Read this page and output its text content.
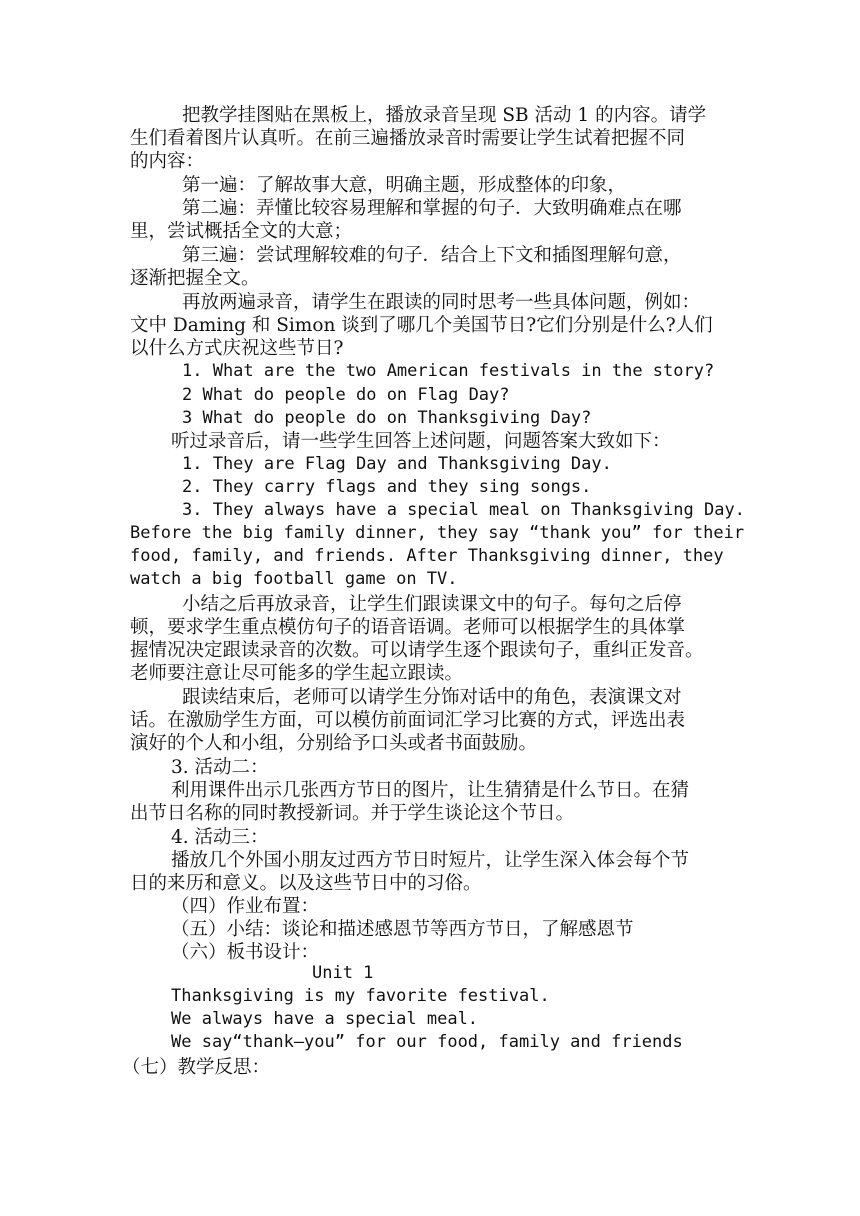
把教学挂图贴在黑板上，播放录音呈现 SB 活动 1 的内容。请学
生们看着图片认真听。在前三遍播放录音时需要让学生试着把握不同
的内容：
第一遍：了解故事大意，明确主题，形成整体的印象，
第二遍：弄懂比较容易理解和掌握的句子．大致明确难点在哪
里，尝试概括全文的大意；
第三遍：尝试理解较难的句子．结合上下文和插图理解句意，
逐渐把握全文。
再放两遍录音，请学生在跟读的同时思考一些具体问题，例如：
文中 Daming 和 Simon 谈到了哪几个美国节日?它们分别是什么?人们
以什么方式庆祝这些节日?
1. What are the two American festivals in the story?
2 What do people do on Flag Day?
3 What do people do on Thanksgiving Day?
听过录音后，请一些学生回答上述问题，问题答案大致如下：
1. They are Flag Day and Thanksgiving Day.
2. They carry flags and they sing songs.
3. They always have a special meal on Thanksgiving Day.
Before the big family dinner, they say “thank you” for their
food, family, and friends. After Thanksgiving dinner, they
watch a big football game on TV.
小结之后再放录音，让学生们跟读课文中的句子。每句之后停
顿，要求学生重点模仿句子的语音语调。老师可以根据学生的具体掌
握情况决定跟读录音的次数。可以请学生逐个跟读句子，重纠正发音。
老师要注意让尽可能多的学生起立跟读。
跟读结束后，老师可以请学生分饰对话中的角色，表演课文对
话。在激励学生方面，可以模仿前面词汇学习比赛的方式，评选出表
演好的个人和小组，分别给予口头或者书面鼓励。
3. 活动二：
利用课件出示几张西方节日的图片，让生猜猜是什么节日。在猜
出节日名称的同时教授新词。并于学生谈论这个节日。
4. 活动三：
播放几个外国小朋友过西方节日时短片，让学生深入体会每个节
日的来历和意义。以及这些节日中的习俗。
（四）作业布置：
（五）小结：谈论和描述感恩节等西方节日，了解感恩节
（六）板书设计：
Unit 1
Thanksgiving is my favorite festival.
We always have a special meal.
We say“thank—you” for our food, family and friends
（七）教学反思：
